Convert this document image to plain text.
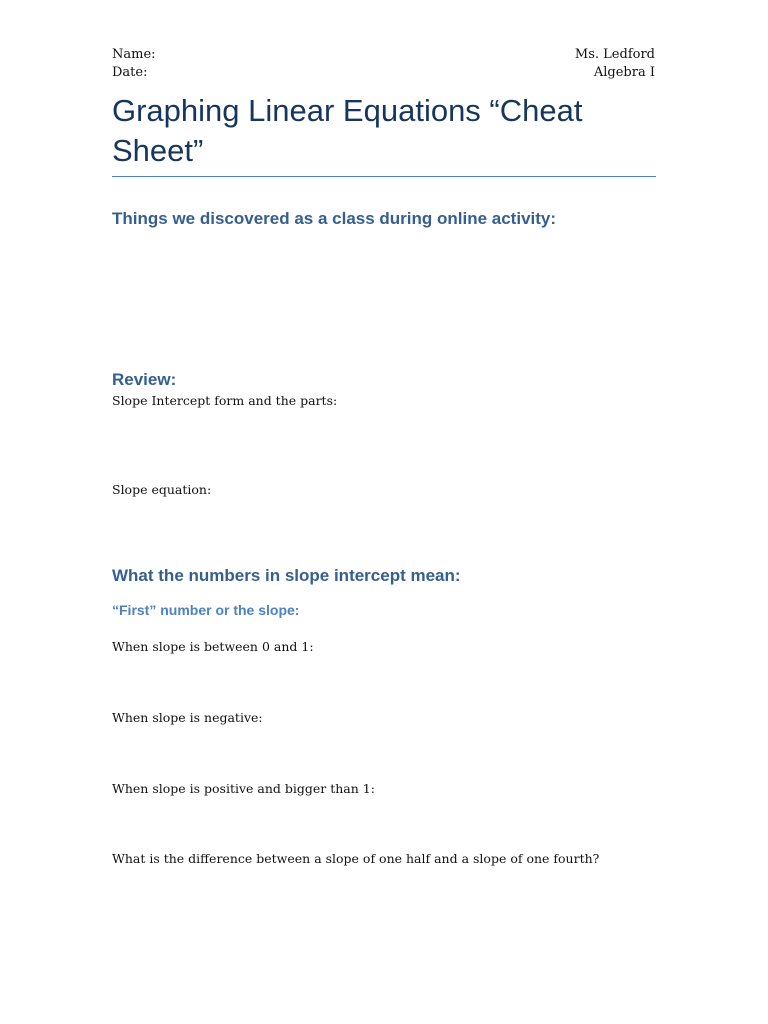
Name:
Date:
Ms. Ledford
Algebra I
Graphing Linear Equations “Cheat Sheet”
Things we discovered as a class during online activity:
Review:
Slope Intercept form and the parts:
Slope equation:
What the numbers in slope intercept mean:
“First” number or the slope:
When slope is between 0 and 1:
When slope is negative:
When slope is positive and bigger than 1:
What is the difference between a slope of one half and a slope of one fourth?
